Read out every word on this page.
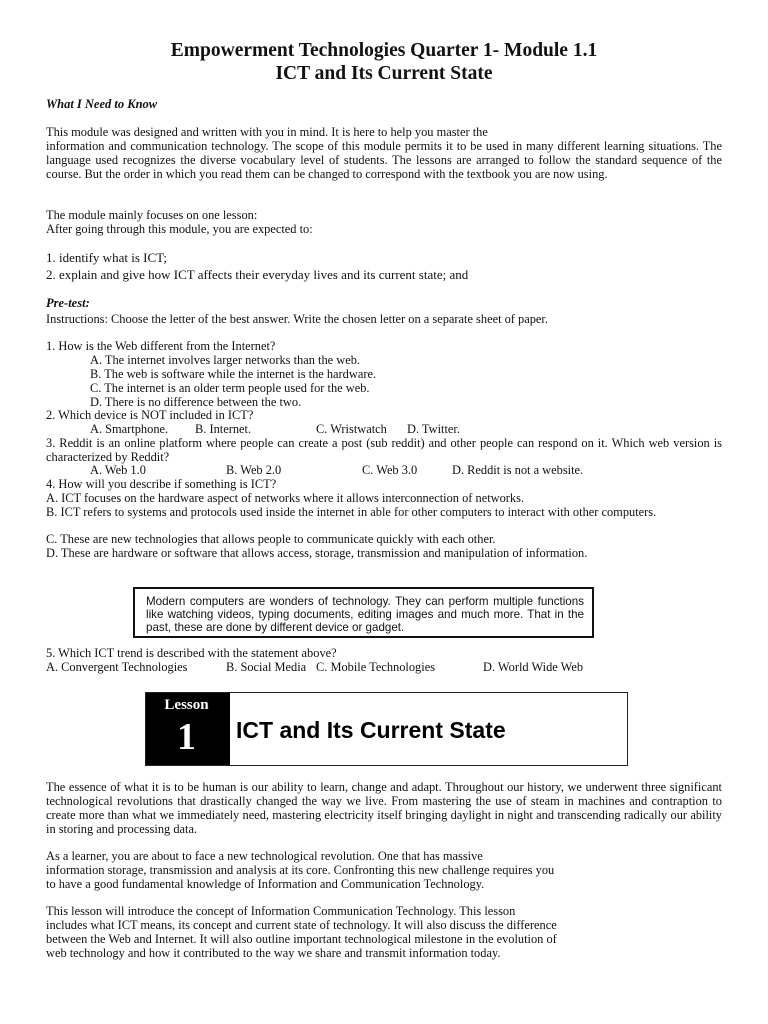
Empowerment Technologies Quarter 1- Module 1.1
ICT and Its Current State
What I Need to Know
This module was designed and written with you in mind. It is here to help you master the
information and communication technology. The scope of this module permits it to be used in many different learning situations. The language used recognizes the diverse vocabulary level of students. The lessons are arranged to follow the standard sequence of the course. But the order in which you read them can be changed to correspond with the textbook you are now using.
The module mainly focuses on one lesson:
After going through this module, you are expected to:
1. identify what is ICT;
2. explain and give how ICT affects their everyday lives and its current state; and
Pre-test:
Instructions: Choose the letter of the best answer. Write the chosen letter on a separate sheet of paper.
1. How is the Web different from the Internet?
A. The internet involves larger networks than the web.
B. The web is software while the internet is the hardware.
C. The internet is an older term people used for the web.
D. There is no difference between the two.
2. Which device is NOT included in ICT?
A. Smartphone. B. Internet.	C. Wristwatch D. Twitter.
3. Reddit is an online platform where people can create a post (sub reddit) and other people can respond on it. Which web version is characterized by Reddit?
A. Web 1.0	B. Web 2.0	C. Web 3.0	D. Reddit is not a website.
4. How will you describe if something is ICT?
A. ICT focuses on the hardware aspect of networks where it allows interconnection of networks.
B. ICT refers to systems and protocols used inside the internet in able for other computers to interact with other computers.
C. These are new technologies that allows people to communicate quickly with each other.
D. These are hardware or software that allows access, storage, transmission and manipulation of information.
Modern computers are wonders of technology. They can perform multiple functions like watching videos, typing documents, editing images and much more. That in the past, these are done by different device or gadget.
5. Which ICT trend is described with the statement above?
A. Convergent Technologies	B. Social Media C. Mobile Technologies	D. World Wide Web
Lesson
1	ICT and Its Current State
The essence of what it is to be human is our ability to learn, change and adapt. Throughout our history, we underwent three significant technological revolutions that drastically changed the way we live. From mastering the use of steam in machines and contraption to create more than what we immediately need, mastering electricity itself bringing daylight in night and transcending radically our ability in storing and processing data.
As a learner, you are about to face a new technological revolution. One that has massive
information storage, transmission and analysis at its core. Confronting this new challenge requires you
to have a good fundamental knowledge of Information and Communication Technology.
This lesson will introduce the concept of Information Communication Technology. This lesson
includes what ICT means, its concept and current state of technology. It will also discuss the difference
between the Web and Internet. It will also outline important technological milestone in the evolution of
web technology and how it contributed to the way we share and transmit information today.
